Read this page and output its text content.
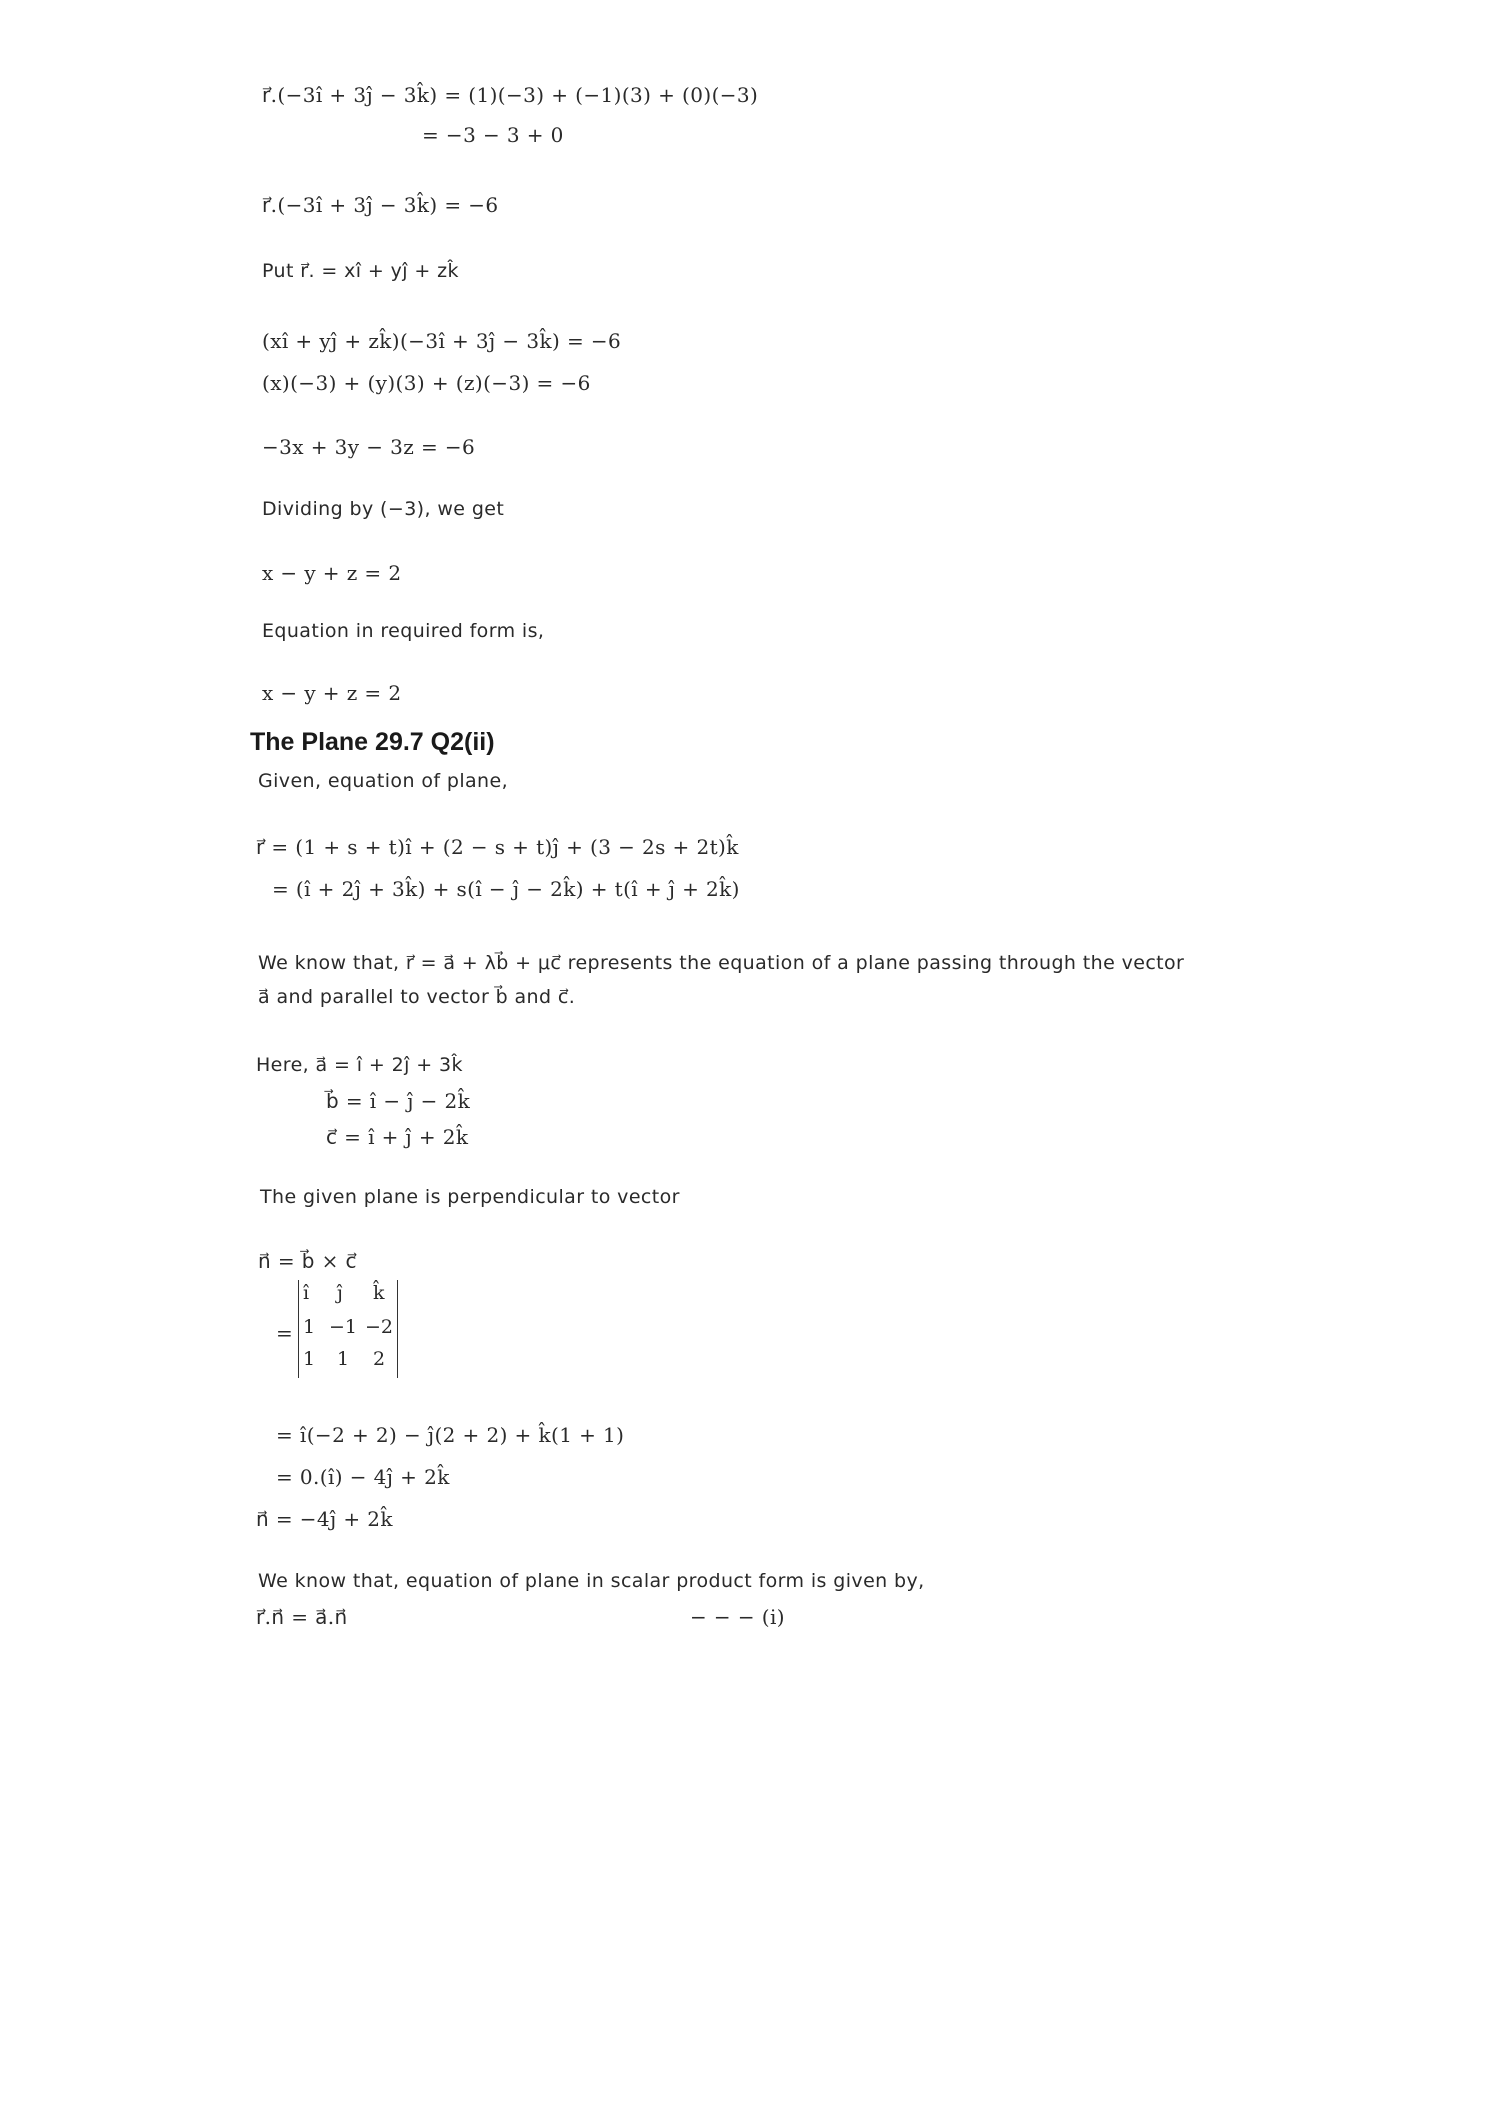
r⃗.(−3î + 3ĵ − 3k̂) = (1)(−3) + (−1)(3) + (0)(−3)
= −3 − 3 + 0
r⃗.(−3î + 3ĵ − 3k̂) = −6
Put r⃗. = xî + yĵ + zk̂
(xî + yĵ + zk̂)(−3î + 3ĵ − 3k̂) = −6
(x)(−3) + (y)(3) + (z)(−3) = −6
−3x + 3y − 3z = −6
Dividing by (−3), we get
x − y + z = 2
Equation in required form is,
x − y + z = 2
The Plane 29.7 Q2(ii)
Given, equation of plane,
r⃗ = (1 + s + t)î + (2 − s + t)ĵ + (3 − 2s + 2t)k̂
= (î + 2ĵ + 3k̂) + s(î − ĵ − 2k̂) + t(î + ĵ + 2k̂)
We know that, r⃗ = a⃗ + λb⃗ + μc⃗ represents the equation of a plane passing through the vector
a⃗ and parallel to vector b⃗ and c⃗.
Here, a⃗ = î + 2ĵ + 3k̂
b⃗ = î − ĵ − 2k̂
c⃗ = î + ĵ + 2k̂
The given plane is perpendicular to vector
n⃗ = b⃗ × c⃗
=
î ĵ k̂
1 −1 −2
1 1 2
= î(−2 + 2) − ĵ(2 + 2) + k̂(1 + 1)
= 0.(î) − 4ĵ + 2k̂
n⃗ = −4ĵ + 2k̂
We know that, equation of plane in scalar product form is given by,
r⃗.n⃗ = a⃗.n⃗	− − − (i)
